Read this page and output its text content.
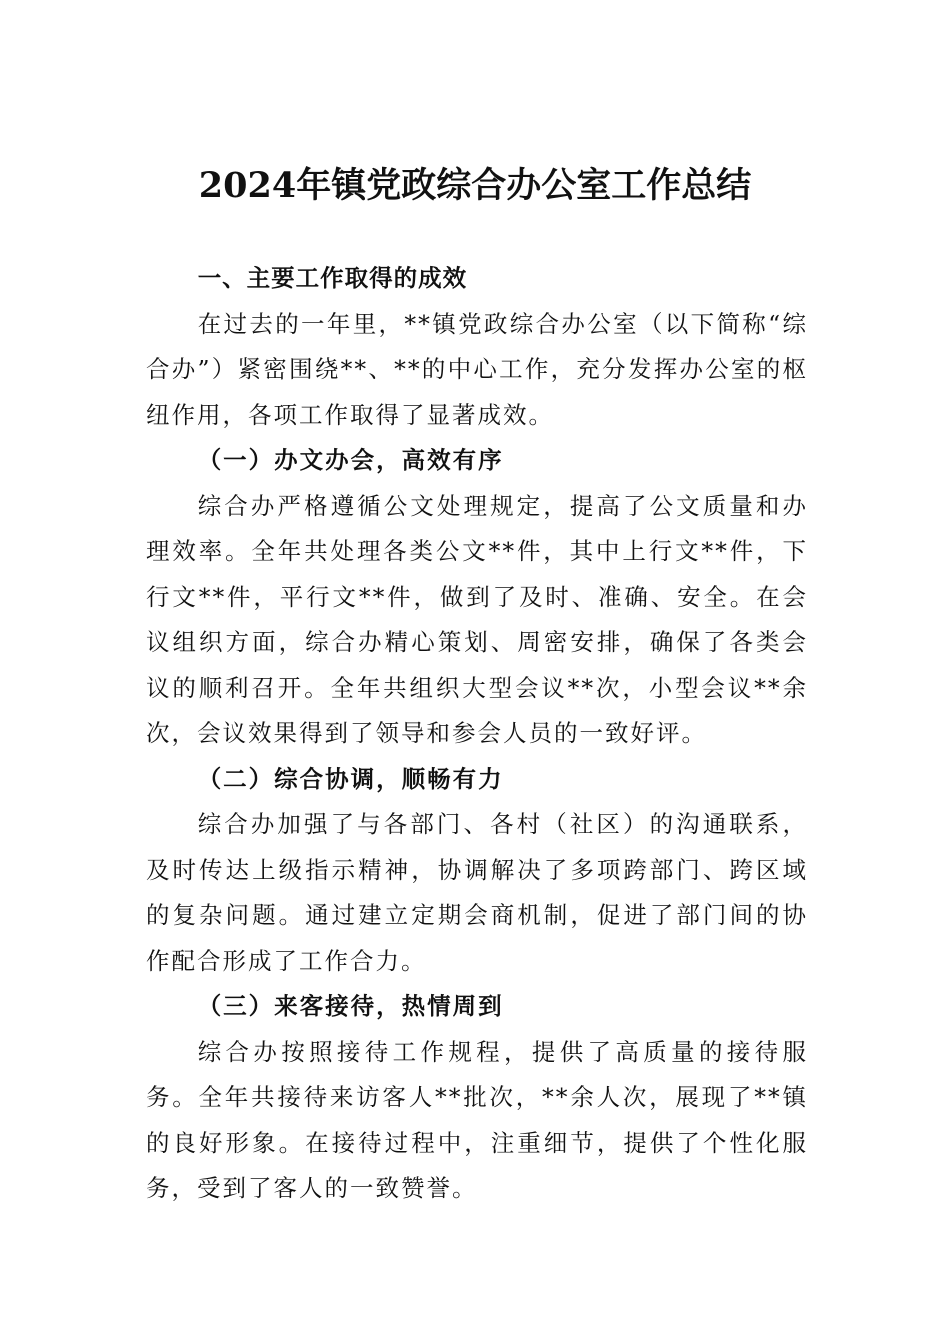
2024年镇党政综合办公室工作总结

一、主要工作取得的成效

在过去的一年里，**镇党政综合办公室（以下简称“综合办”）紧密围绕**、**的中心工作，充分发挥办公室的枢纽作用，各项工作取得了显著成效。

（一）办文办会，高效有序

综合办严格遵循公文处理规定，提高了公文质量和办理效率。全年共处理各类公文**件，其中上行文**件，下行文**件，平行文**件，做到了及时、准确、安全。在会议组织方面，综合办精心策划、周密安排，确保了各类会议的顺利召开。全年共组织大型会议**次，小型会议**余次，会议效果得到了领导和参会人员的一致好评。

（二）综合协调，顺畅有力

综合办加强了与各部门、各村（社区）的沟通联系，及时传达上级指示精神，协调解决了多项跨部门、跨区域的复杂问题。通过建立定期会商机制，促进了部门间的协作配合形成了工作合力。

（三）来客接待，热情周到

综合办按照接待工作规程，提供了高质量的接待服务。全年共接待来访客人**批次，**余人次，展现了**镇的良好形象。在接待过程中，注重细节，提供了个性化服务，受到了客人的一致赞誉。
